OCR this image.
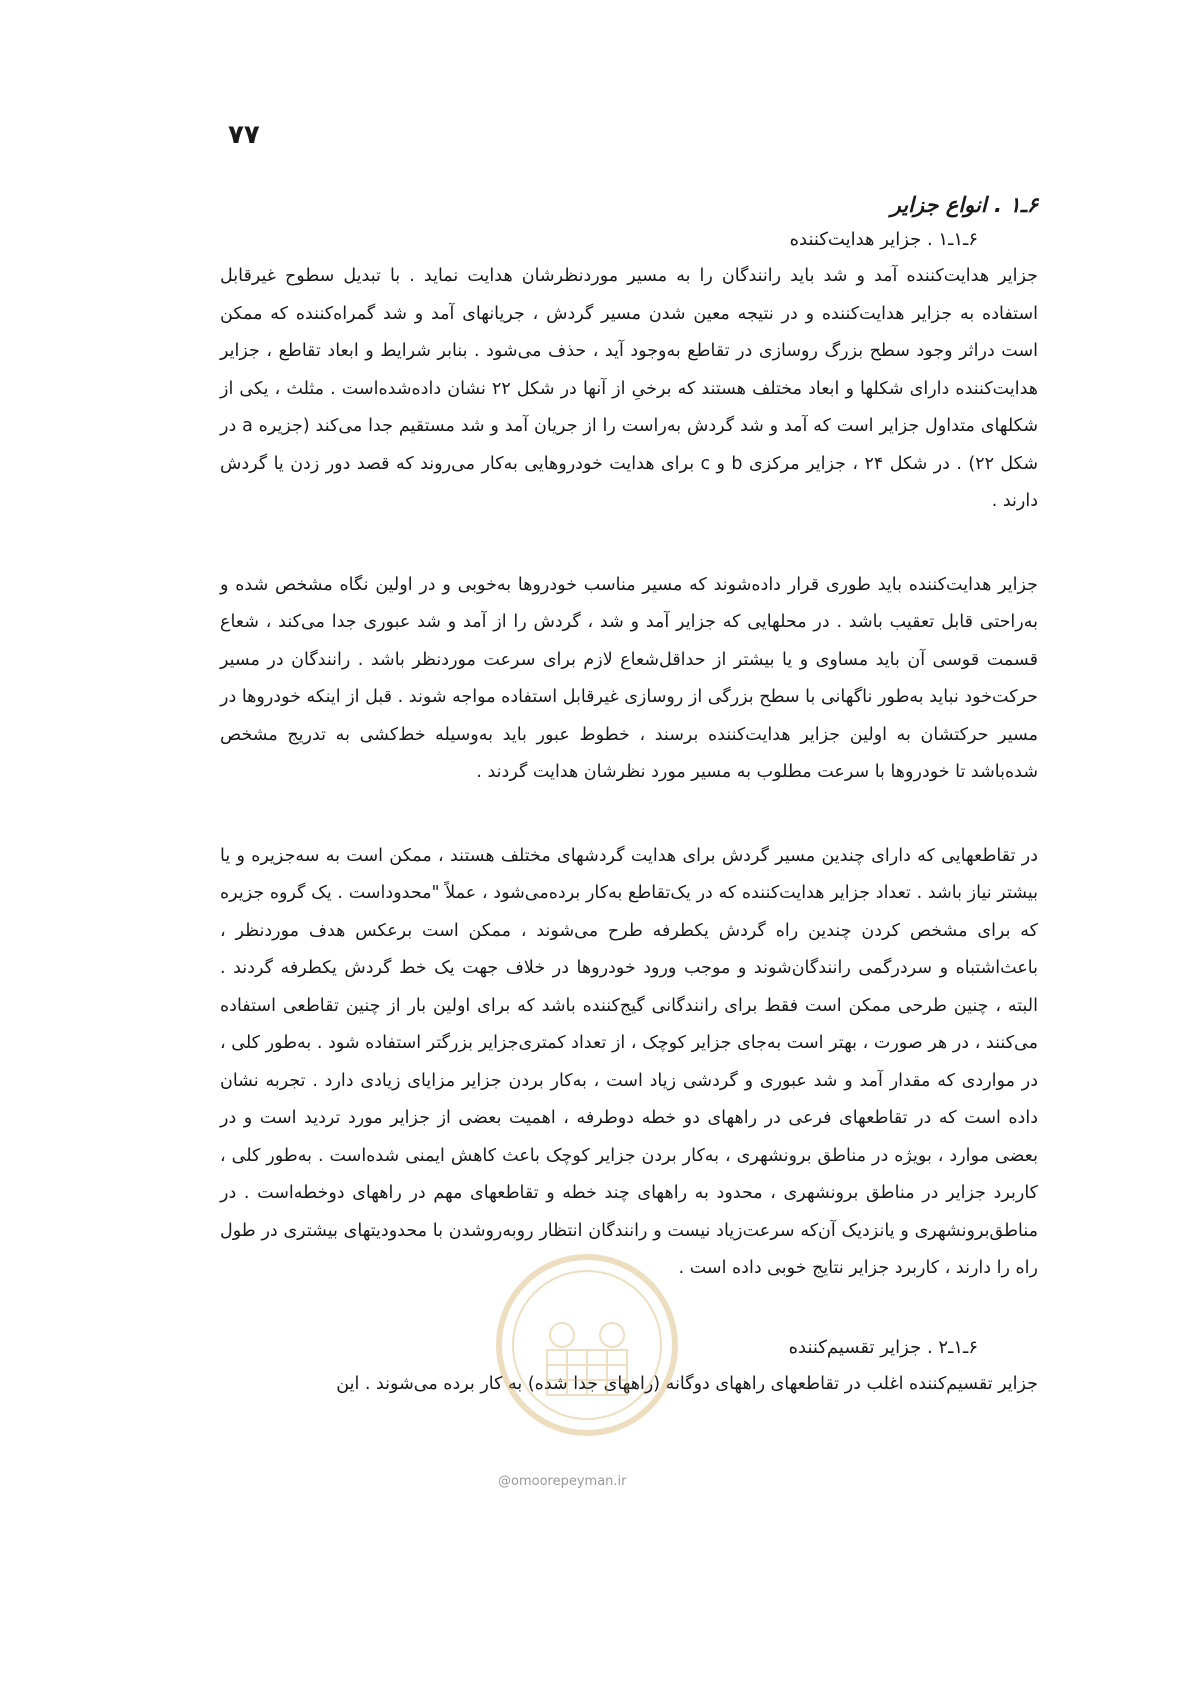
۷۷
۶ـ۱ . انواع جزایر
۶ـ۱ـ۱ . جزایر هدایت‌کننده

جزایر هدایت‌کننده آمد و شد باید رانندگان را به مسیر موردنظرشان هدایت نماید . با تبدیل سطوح غیرقابل استفاده به جزایر هدایت‌کننده و در نتیجه معین شدن مسیر گردش ، جریانهای آمد و شد گمراه‌کننده که ممکن است دراثر وجود سطح بزرگ روسازی در تقاطع به‌وجود آید ، حذف می‌شود . بنابر شرایط و ابعاد تقاطع ، جزایر هدایت‌کننده دارای شکلها و ابعاد مختلف هستند که برخیِ از آنها در شکل ۲۲ نشان داده‌شده‌است . مثلث ، یکی از شکلهای متداول جزایر است که آمد و شد گردش به‌راست را از جریان آمد و شد مستقیم جدا می‌کند (جزیره a در شکل ۲۲) . در شکل ۲۴ ، جزایر مرکزی b و c برای هدایت خودروهایی به‌کار می‌روند که قصد دور زدن یا گردش دارند .

جزایر هدایت‌کننده باید طوری قرار داده‌شوند که مسیر مناسب خودروها به‌خوبی و در اولین نگاه مشخص شده و به‌راحتی قابل تعقیب باشد . در محلهایی که جزایر آمد و شد ، گردش را از آمد و شد عبوری جدا می‌کند ، شعاع قسمت قوسی آن باید مساوی و یا بیشتر از حداقل‌شعاع لازم برای سرعت موردنظر باشد . رانندگان در مسیر حرکت‌خود نباید به‌طور ناگهانی با سطح بزرگی از روسازی غیرقابل استفاده مواجه شوند . قبل از اینکه خودروها در مسیر حرکتشان به اولین جزایر هدایت‌کننده برسند ، خطوط عبور باید به‌وسیله خط‌کشی به تدریج مشخص شده‌باشد تا خودروها با سرعت مطلوب به مسیر مورد نظرشان هدایت گردند .

در تقاطعهایی که دارای چندین مسیر گردش برای هدایت گردشهای مختلف هستند ، ممکن است به سه‌جزیره و یا بیشتر نیاز باشد . تعداد جزایر هدایت‌کننده که در یک‌تقاطع به‌کار برده‌می‌شود ، عملاً "محدوداست . یک گروه جزیره که برای مشخص کردن چندین راه گردش یکطرفه طرح می‌شوند ، ممکن است برعکس هدف موردنظر ، باعث‌اشتباه و سردرگمی رانندگان‌شوند و موجب ورود خودروها در خلاف جهت یک خط گردش یکطرفه گردند . البته ، چنین طرحی ممکن است فقط برای رانندگانی گیج‌کننده باشد که برای اولین بار از چنین تقاطعی استفاده می‌کنند ، در هر صورت ، بهتر است به‌جای جزایر کوچک ، از تعداد کمتری‌جزایر بزرگتر استفاده شود . به‌طور کلی ، در مواردی که مقدار آمد و شد عبوری و گردشی زیاد است ، به‌کار بردن جزایر مزایای زیادی دارد . تجربه نشان داده است که در تقاطعهای فرعی در راههای دو خطه دوطرفه ، اهمیت بعضی از جزایر مورد تردید است و در بعضی موارد ، بویژه در مناطق برونشهری ، به‌کار بردن جزایر کوچک باعث کاهش ایمنی شده‌است . به‌طور کلی ، کاربرد جزایر در مناطق برونشهری ، محدود به راههای چند خطه و تقاطعهای مهم در راههای دوخطه‌است . در مناطق‌برونشهری و یانزدیک آن‌که سرعت‌زیاد نیست و رانندگان انتظار روبه‌روشدن با محدودیتهای بیشتری در طول راه را دارند ، کاربرد جزایر نتایج خوبی داده است .

۶ـ۱ـ۲ . جزایر تقسیم‌کننده

جزایر تقسیم‌کننده اغلب در تقاطعهای راههای دوگانه (راههای جدا شده) به کار برده می‌شوند . این

@omoorepeyman.ir
